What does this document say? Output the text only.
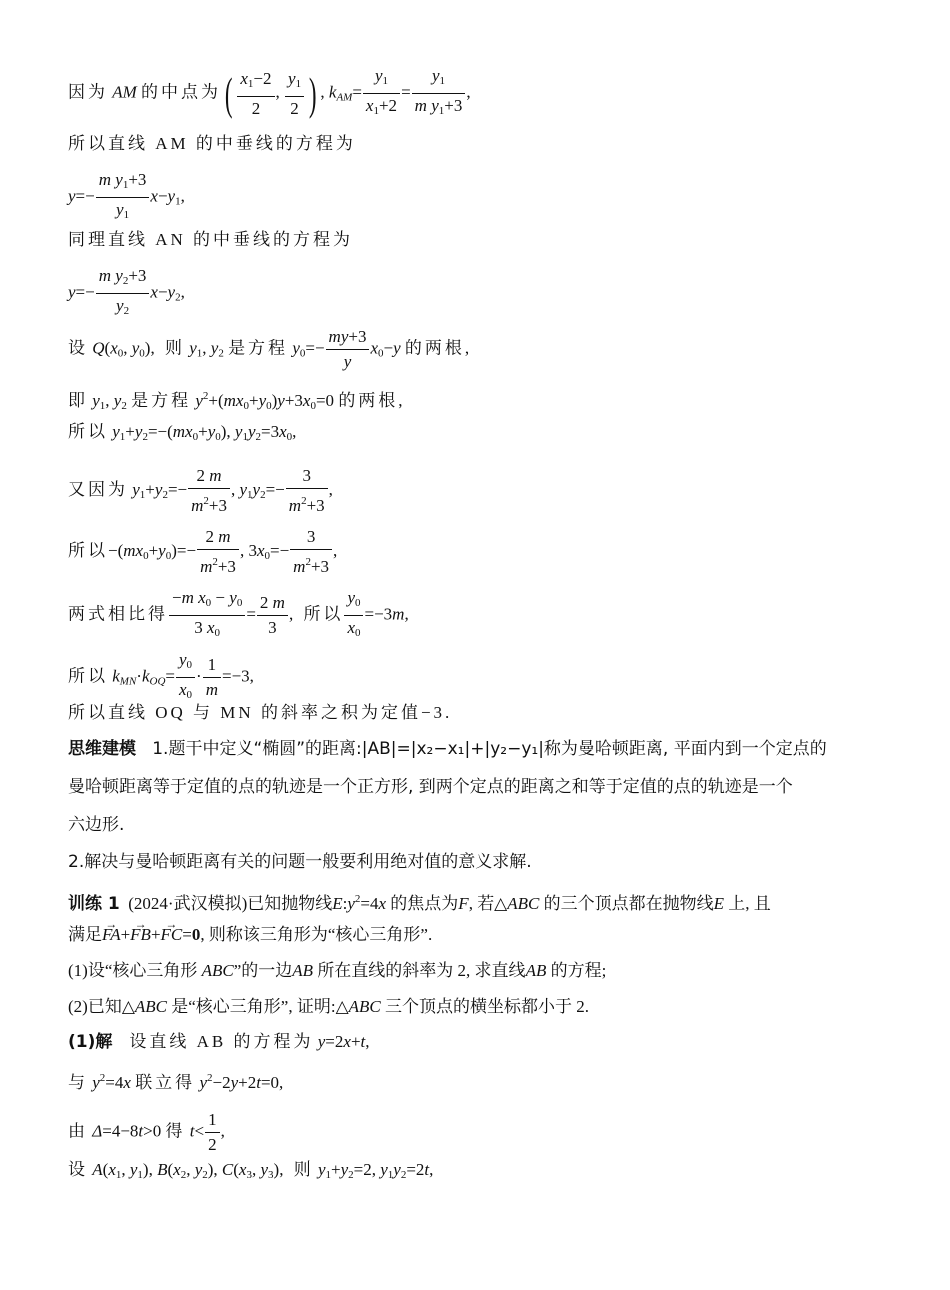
因为 AM 的中点为( $\frac{x_1-2}{2}$ , $\frac{y_1}{2}$ ) , $k_{AM}= \frac{y_1}{x_1+2} = \frac{y_1}{m y_1+3}$ ,
所以直线 AM 的中垂线的方程为
$y=- \frac{m y_1+3}{y_1} x-y_1$,
同理直线 AN 的中垂线的方程为
$y=- \frac{m y_2+3}{y_2} x-y_2$,
设 $Q(x_0$, $y_0$), 则 $y_1$, $y_2$ 是方程 $y_0=- \frac{my+3}{y} x_0-y$ 的两根,
即 $y_1$, $y_2$ 是方程 $y^2+(mx_0+y_0)y+3x_0=0$ 的两根,
所以 $y_1+y_2=-(mx_0+y_0)$, $y_1y_2=3x_0$,
又因为 $y_1+y_2=- \frac{2 m}{m^2+3}$ , $y_1y_2=- \frac{3}{m^2+3}$ ,
所以$-(mx_0+y_0)=- \frac{2 m}{m^2+3}$ , $3x_0=- \frac{3}{m^2+3}$ ,
两式相比得 $\frac{-m x_0 - y_0}{3 x_0} = \frac{2 m}{3}$ , 所以 $\frac{y_0}{x_0} =-3m$,
所以 $k_{MN}\cdot k_{OQ}= \frac{y_0}{x_0} \cdot \frac{1}{m} =-3$,
所以直线 OQ 与 MN 的斜率之积为定值−3.
思维建模 1.题干中定义“椭圆”的距离:|AB|=|x₂−x₁|+|y₂−y₁|称为曼哈顿距离, 平面内到一个定点的
曼哈顿距离等于定值的点的轨迹是一个正方形, 到两个定点的距离之和等于定值的点的轨迹是一个
六边形.
2.解决与曼哈顿距离有关的问题一般要利用绝对值的意义求解.
训练 1 (2024·武汉模拟)已知抛物线$E:y^2=4x$ 的焦点为F, 若△ABC 的三个顶点都在抛物线E 上, 且
满足→ FA+→ FB+→ FC=0, 则称该三角形为“核心三角形”.
(1)设“核心三角形 ABC”的一边AB 所在直线的斜率为 2, 求直线AB 的方程;
(2)已知△ABC 是“核心三角形”, 证明:△ABC 三个顶点的横坐标都小于 2.
(1)解 设直线 AB 的方程为 y=2x+t,
与 $y^2=4x$ 联立得 $y^2-2y+2t=0$,
由 Δ=4−8t>0 得 $t< \frac{1}{2}$ ,
设 $A(x_1$, $y_1$), $B(x_2$, $y_2$), $C(x_3$, $y_3$), 则 $y_1+y_2=2$, $y_1y_2=2t$,
